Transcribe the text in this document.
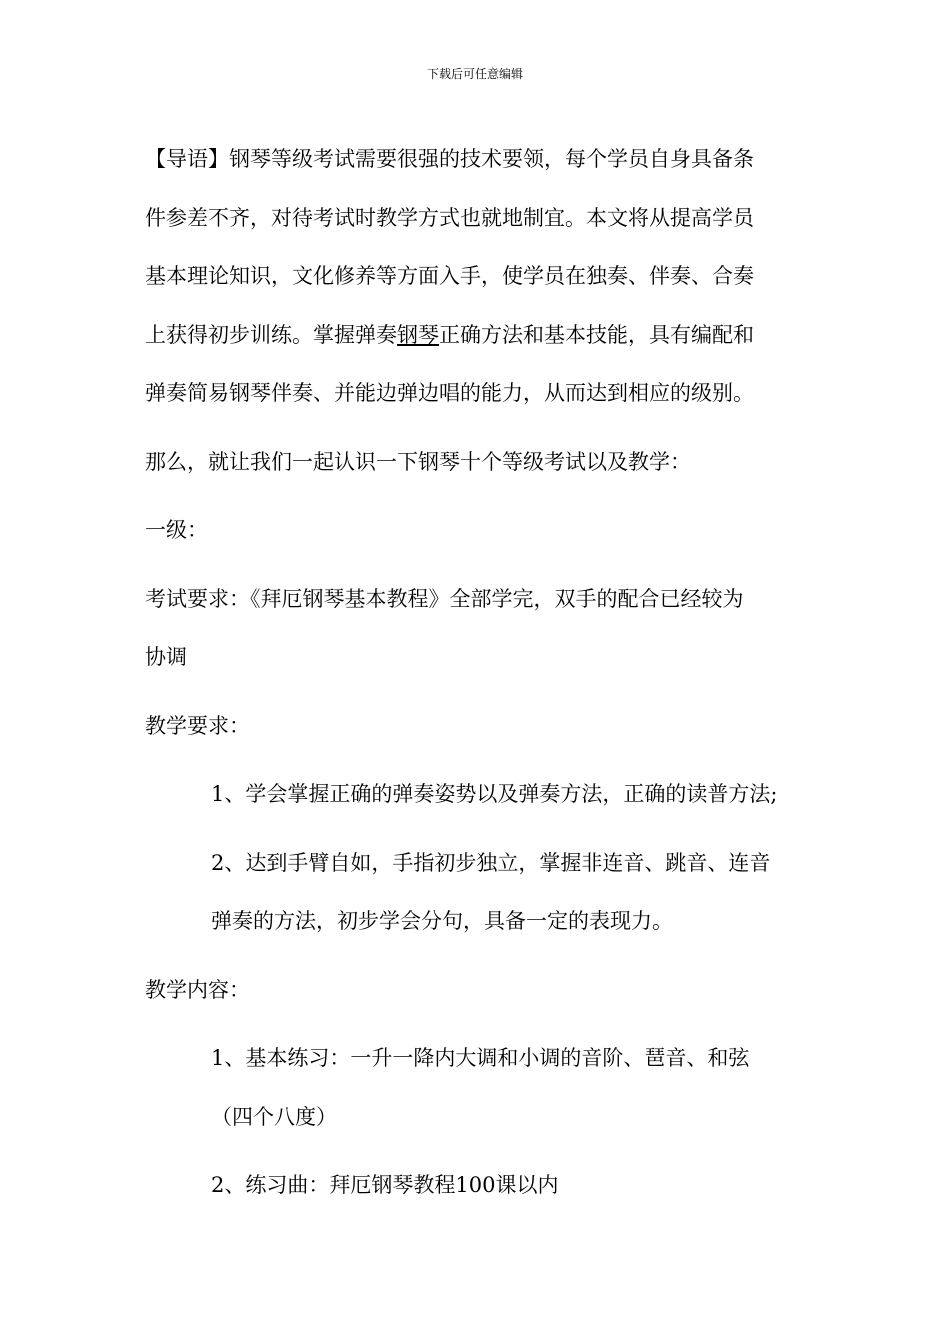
下载后可任意编辑

【导语】钢琴等级考试需要很强的技术要领，每个学员自身具备条

件参差不齐，对待考试时教学方式也就地制宜。本文将从提高学员

基本理论知识，文化修养等方面入手，使学员在独奏、伴奏、合奏

上获得初步训练。掌握弹奏钢琴正确方法和基本技能，具有编配和

弹奏简易钢琴伴奏、并能边弹边唱的能力，从而达到相应的级别。

那么，就让我们一起认识一下钢琴十个等级考试以及教学：

一级：

考试要求：《拜厄钢琴基本教程》全部学完，双手的配合已经较为

协调

教学要求：

1、学会掌握正确的弹奏姿势以及弹奏方法，正确的读普方法;

2、达到手臂自如，手指初步独立，掌握非连音、跳音、连音

弹奏的方法，初步学会分句，具备一定的表现力。

教学内容：

1、基本练习：一升一降内大调和小调的音阶、琶音、和弦

（四个八度）

2、练习曲：拜厄钢琴教程100课以内
